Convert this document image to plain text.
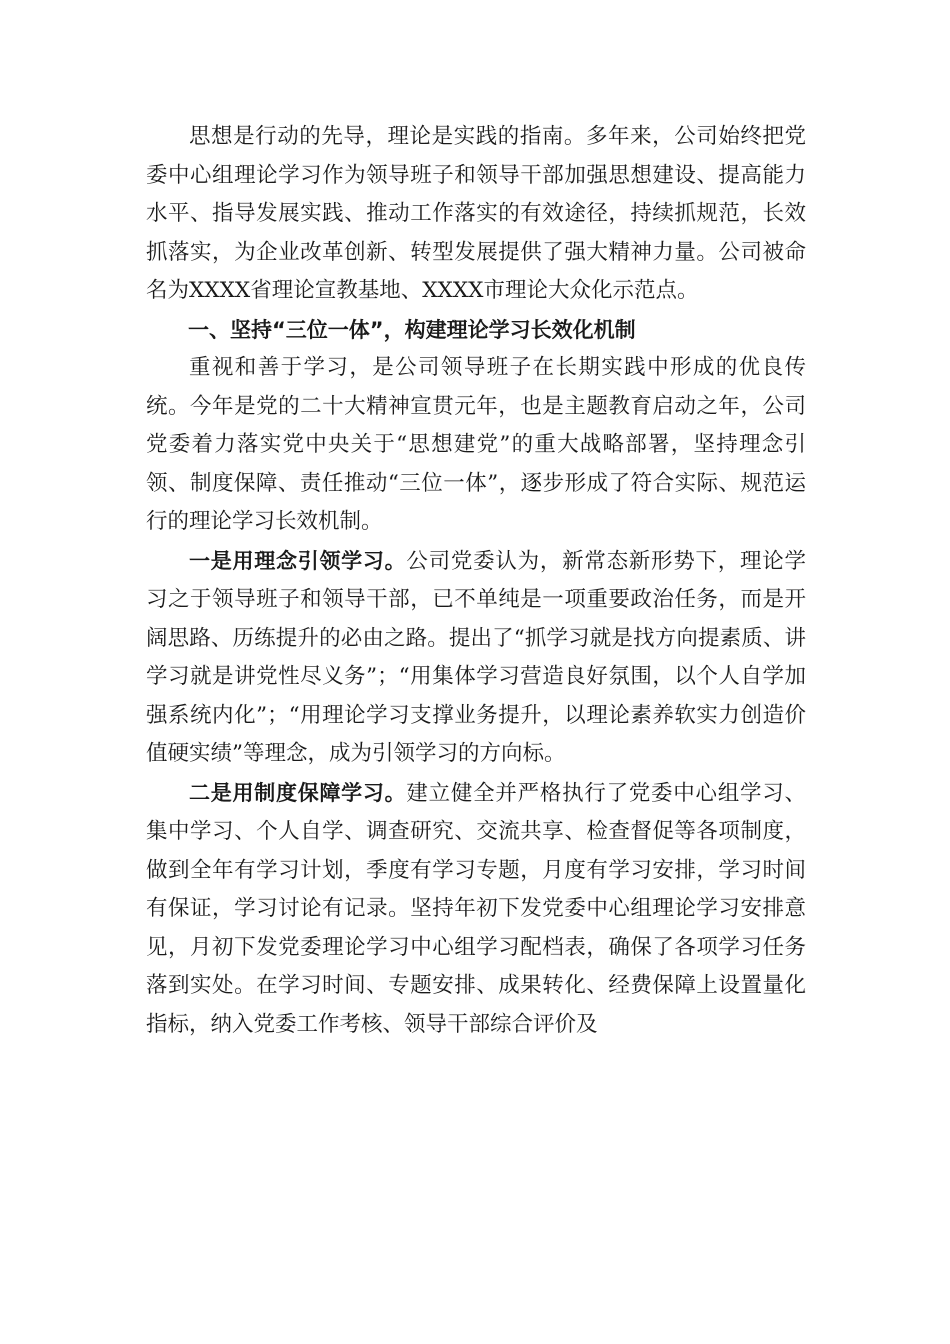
思想是行动的先导，理论是实践的指南。多年来，公司始终把党委中心组理论学习作为领导班子和领导干部加强思想建设、提高能力水平、指导发展实践、推动工作落实的有效途径，持续抓规范，长效抓落实，为企业改革创新、转型发展提供了强大精神力量。公司被命名为XXXX省理论宣教基地、XXXX市理论大众化示范点。

一、坚持“三位一体”，构建理论学习长效化机制

重视和善于学习，是公司领导班子在长期实践中形成的优良传统。今年是党的二十大精神宣贯元年，也是主题教育启动之年，公司党委着力落实党中央关于“思想建党”的重大战略部署，坚持理念引领、制度保障、责任推动“三位一体”，逐步形成了符合实际、规范运行的理论学习长效机制。

一是用理念引领学习。公司党委认为，新常态新形势下，理论学习之于领导班子和领导干部，已不单纯是一项重要政治任务，而是开阔思路、历练提升的必由之路。提出了“抓学习就是找方向提素质、讲学习就是讲党性尽义务”；“用集体学习营造良好氛围，以个人自学加强系统内化”；“用理论学习支撑业务提升，以理论素养软实力创造价值硬实绩”等理念，成为引领学习的方向标。

二是用制度保障学习。建立健全并严格执行了党委中心组学习、集中学习、个人自学、调查研究、交流共享、检查督促等各项制度，做到全年有学习计划，季度有学习专题，月度有学习安排，学习时间有保证，学习讨论有记录。坚持年初下发党委中心组理论学习安排意见，月初下发党委理论学习中心组学习配档表，确保了各项学习任务落到实处。在学习时间、专题安排、成果转化、经费保障上设置量化指标，纳入党委工作考核、领导干部综合评价及
